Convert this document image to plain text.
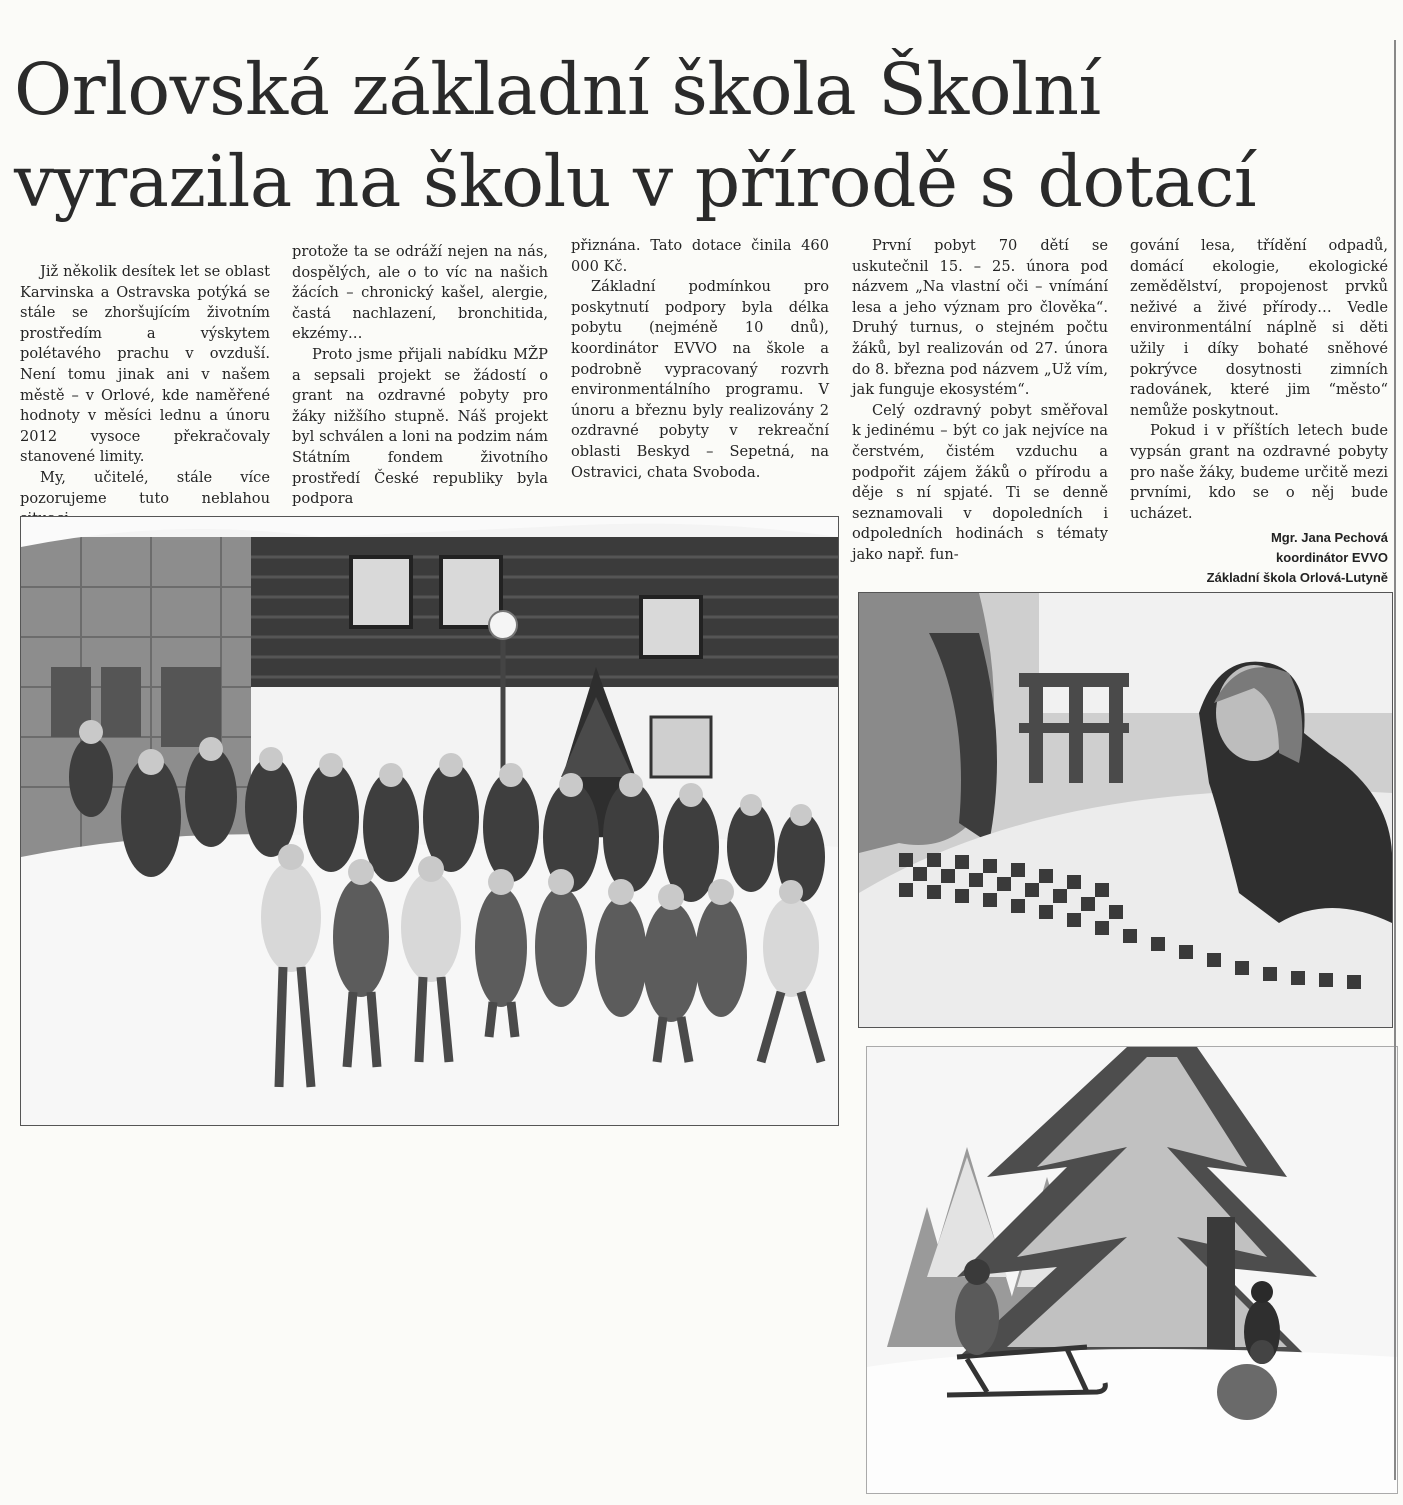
Orlovská základní škola Školní
vyrazila na školu v přírodě s dotací

Již několik desítek let se oblast Karvinska a Ostravska potýká se stále se zhoršujícím životním prostředím a výskytem polétavého prachu v ovzduší. Není tomu jinak ani v našem městě – v Orlové, kde naměřené hodnoty v měsíci lednu a únoru 2012 vysoce překračovaly stanovené limity.

My, učitelé, stále více pozorujeme tuto neblahou

protože ta se odráží nejen na nás, dospělých, ale o to víc na našich žácích – chronický kašel, alergie, častá nachlazení, bronchitida, ekzémy…

Proto jsme přijali nabídku MŽP a sepsali projekt se žádostí o grant na ozdravné pobyty pro žáky nižšího stupně. Náš projekt byl schválen a loni na podzim nám Státním fondem životního prostředí České republiky byla podpora

přiznána. Tato dotace činila 460 000 Kč.

Základní podmínkou pro poskytnutí podpory byla délka pobytu (nejméně 10 dnů), koordinátor EVVO na škole a podrobně vypracovaný rozvrh environmentálního programu. V únoru a březnu byly realizovány 2 ozdravné pobyty v rekreační oblasti Beskyd – Sepetná, na Ostravici, chata Svoboda.

První pobyt 70 dětí se uskutečnil 15. – 25. února pod názvem „Na vlastní oči – vnímání lesa a jeho význam pro člověka“. Druhý turnus, o stejném počtu žáků, byl realizován od 27. února do 8. března pod názvem „Už vím, jak funguje ekosystém“.

Celý ozdravný pobyt směřoval k jedinému – být co jak nejvíce na čerstvém, čistém vzduchu a podpořit zájem žáků o přírodu a děje s ní spjaté. Ti se denně seznamovali v dopoledních i odpoledních hodinách s tématy jako např. fun-

gování lesa, třídění odpadů, domácí ekologie, ekologické zemědělství, propojenost prvků neživé a živé přírody… Vedle environmentální náplně si děti užily i díky bohaté sněhové pokrývce dosytnosti zimních radovánek, které jim “město“ nemůže poskytnout.

Pokud i v příštích letech bude vypsán grant na ozdravné pobyty pro naše žáky, budeme určitě mezi prvními, kdo se o něj bude ucházet.

Mgr. Jana Pechová
koordinátor EVVO
Základní škola Orlová-Lutyně
